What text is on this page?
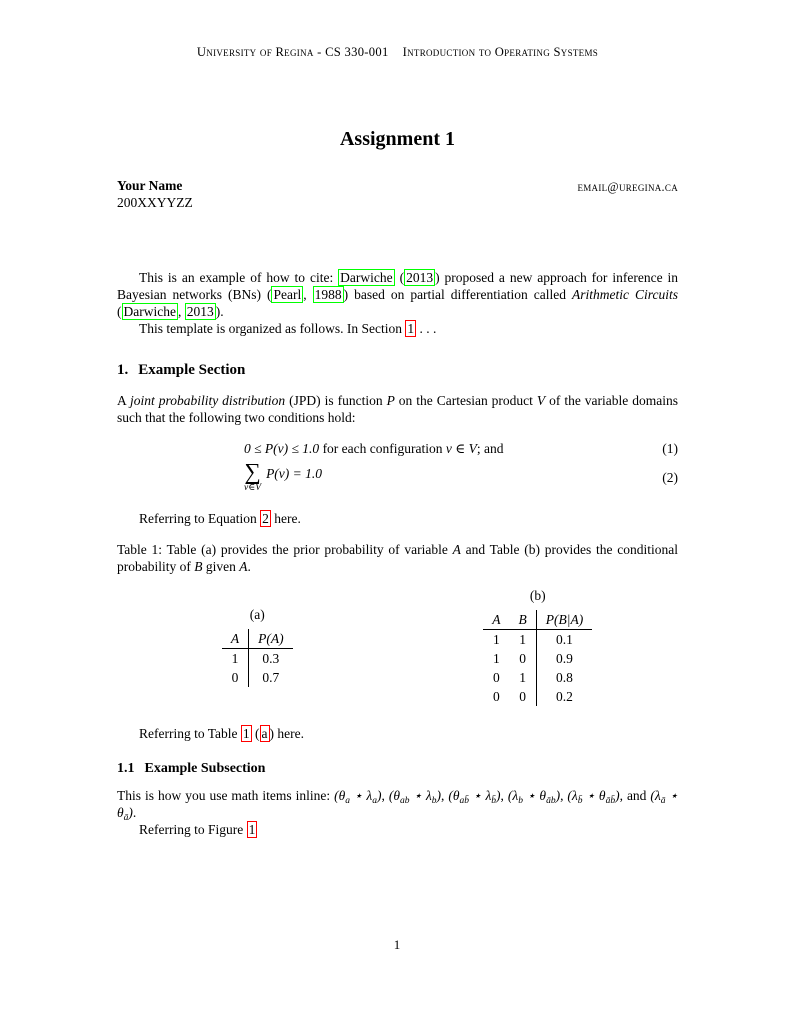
University of Regina - CS 330-001 Introduction to Operating Systems
Assignment 1
Your Name
200XXYYZZ
email@uregina.ca

This is an example of how to cite: Darwiche ( 2013 ) proposed a new approach for inference in Bayesian networks (BNs) ( Pearl , 1988 ) based on partial differentiation called Arithmetic Circuits ( Darwiche , 2013 ).

This template is organized as follows. In Section 1 . . .

1. Example Section

A joint probability distribution (JPD) is function P on the Cartesian product V of the variable domains such that the following two conditions hold:

0 ≤ P(v) ≤ 1.0 for each configuration v ∈ V; and	(1)
∑
v∈V
P(v) = 1.0	(2)

Referring to Equation 2 here.

Table 1: Table (a) provides the prior probability of variable A and Table (b) provides the conditional probability of B given A.

(a)
A	P(A)
1	0.3
0	0.7
(b)
A	B	P(B|A)
1	1	0.1
1	0	0.9
0	1	0.8
0	0	0.2

Referring to Table 1 ( a ) here.

1.1 Example Subsection

This is how you use math items inline: ($\theta_a$ ⋆ $\lambda_a$), ($\theta_{ab}$ ⋆ $\lambda_b$), ($\theta_{ab̄}$ ⋆ $\lambda_{b̄}$), ($\lambda_b$ ⋆ $\theta_{āb}$), ($\lambda_{b̄}$ ⋆ $\theta_{āb̄}$), and ($\lambda_ā$ ⋆ $\theta_ā$).

Referring to Figure 1

1
